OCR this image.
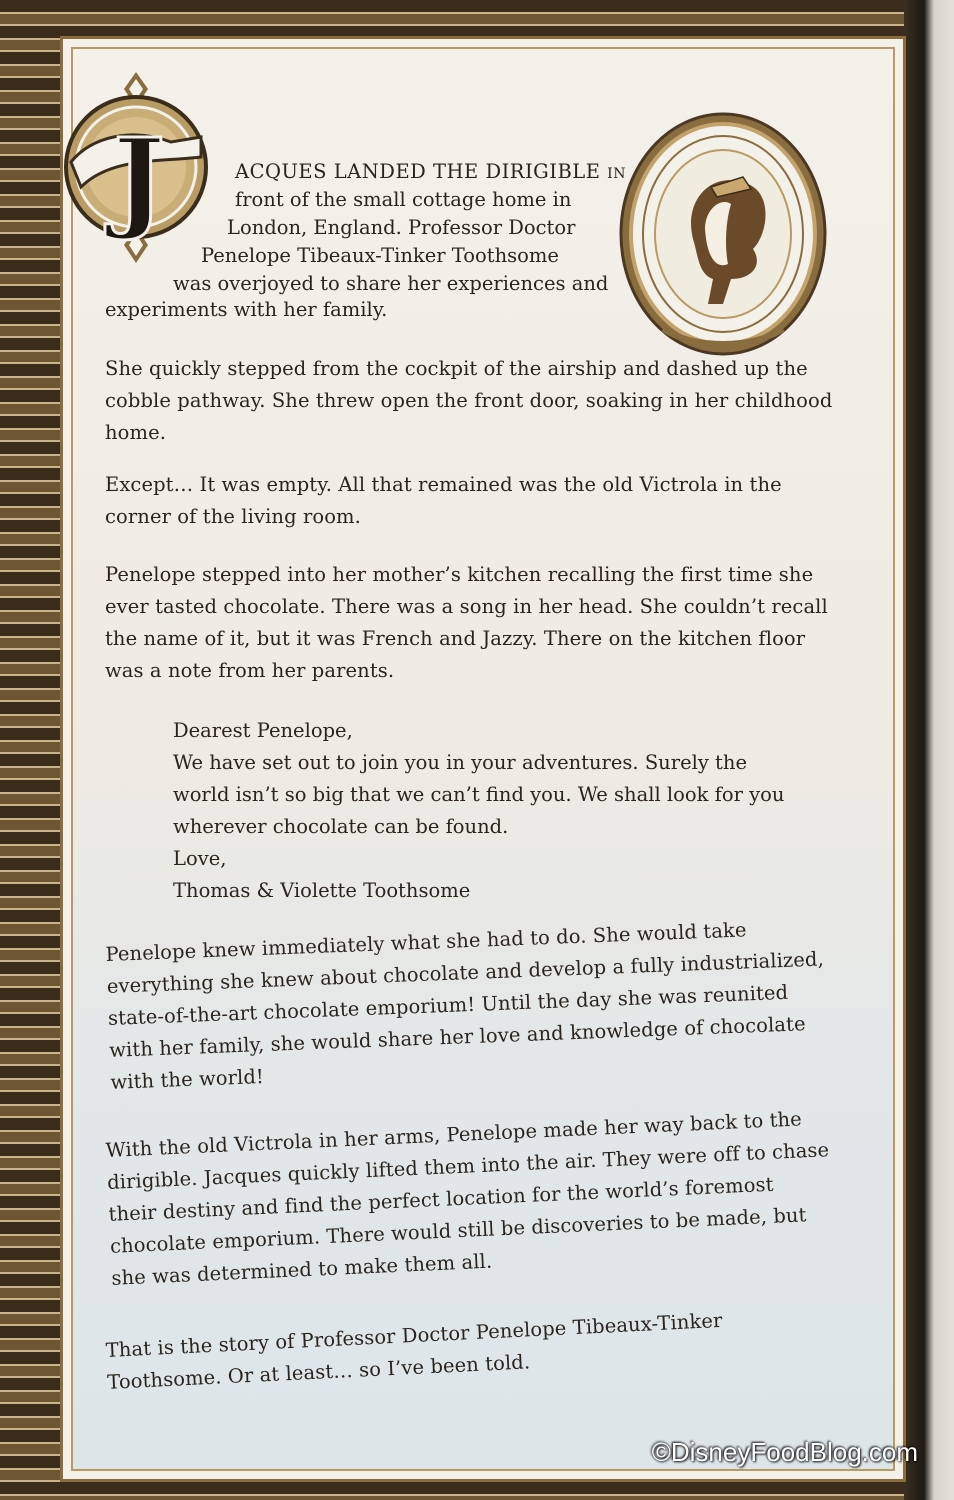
J	ACQUES LANDED THE DIRIGIBLE in

front of the small cottage home in

London, England. Professor Doctor

Penelope Tibeaux-Tinker Toothsome

was overjoyed to share her experiences and

experiments with her family.

She quickly stepped from the cockpit of the airship and dashed up the cobble pathway. She threw open the front door, soaking in her childhood home.

Except… It was empty. All that remained was the old Victrola in the corner of the living room.

Penelope stepped into her mother’s kitchen recalling the first time she ever tasted chocolate. There was a song in her head. She couldn’t recall the name of it, but it was French and Jazzy. There on the kitchen floor was a note from her parents.

Dearest Penelope,
We have set out to join you in your adventures. Surely the world isn’t so big that we can’t find you. We shall look for you wherever chocolate can be found.
Love,
Thomas & Violette Toothsome

Penelope knew immediately what she had to do. She would take everything she knew about chocolate and develop a fully industrialized, state-of-the-art chocolate emporium! Until the day she was reunited with her family, she would share her love and knowledge of chocolate with the world!

With the old Victrola in her arms, Penelope made her way back to the dirigible. Jacques quickly lifted them into the air. They were off to chase their destiny and find the perfect location for the world’s foremost chocolate emporium. There would still be discoveries to be made, but she was determined to make them all.

That is the story of Professor Doctor Penelope Tibeaux-Tinker Toothsome. Or at least… so I’ve been told.

©DisneyFoodBlog.com
